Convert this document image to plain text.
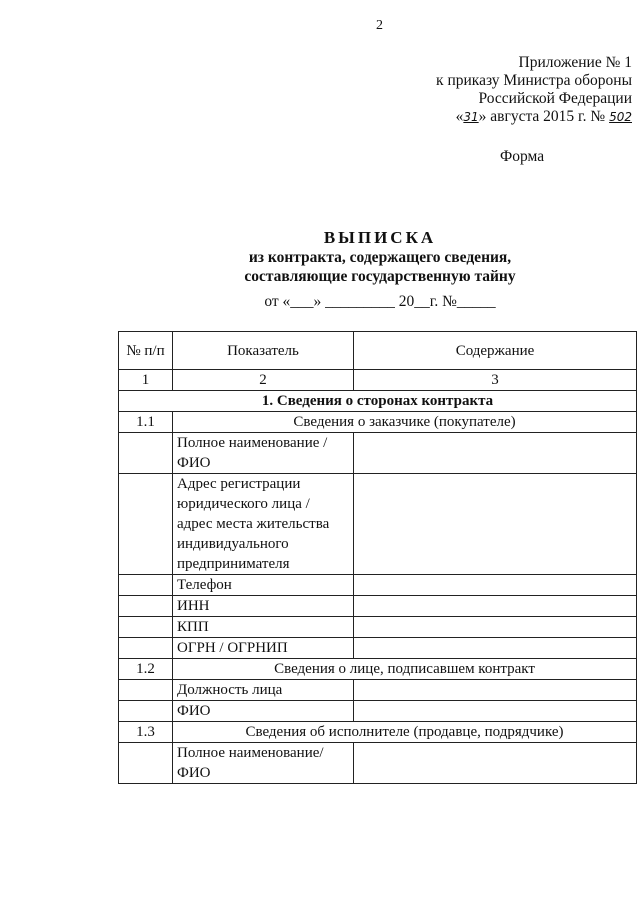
2
Приложение № 1
к приказу Министра обороны
Российской Федерации
«31» августа 2015 г. № 502
Форма
ВЫПИСКА
из контракта, содержащего сведения,
составляющие государственную тайну
от «___» _________ 20__г. №_____
№ п/п	Показатель	Содержание
1	2	3
1. Сведения о сторонах контракта		
1.1	Сведения о заказчике (покупателе)	
	Полное наименование /ФИО	
	Адрес регистрации юридического лица / адрес места жительства индивидуального предпринимателя	
	Телефон	
	ИНН	
	КПП	
	ОГРН / ОГРНИП	
1.2	Сведения о лице, подписавшем контракт	
	Должность лица	
	ФИО	
1.3	Сведения об исполнителе (продавце, подрядчике)	
	Полное наименование/ ФИО	
